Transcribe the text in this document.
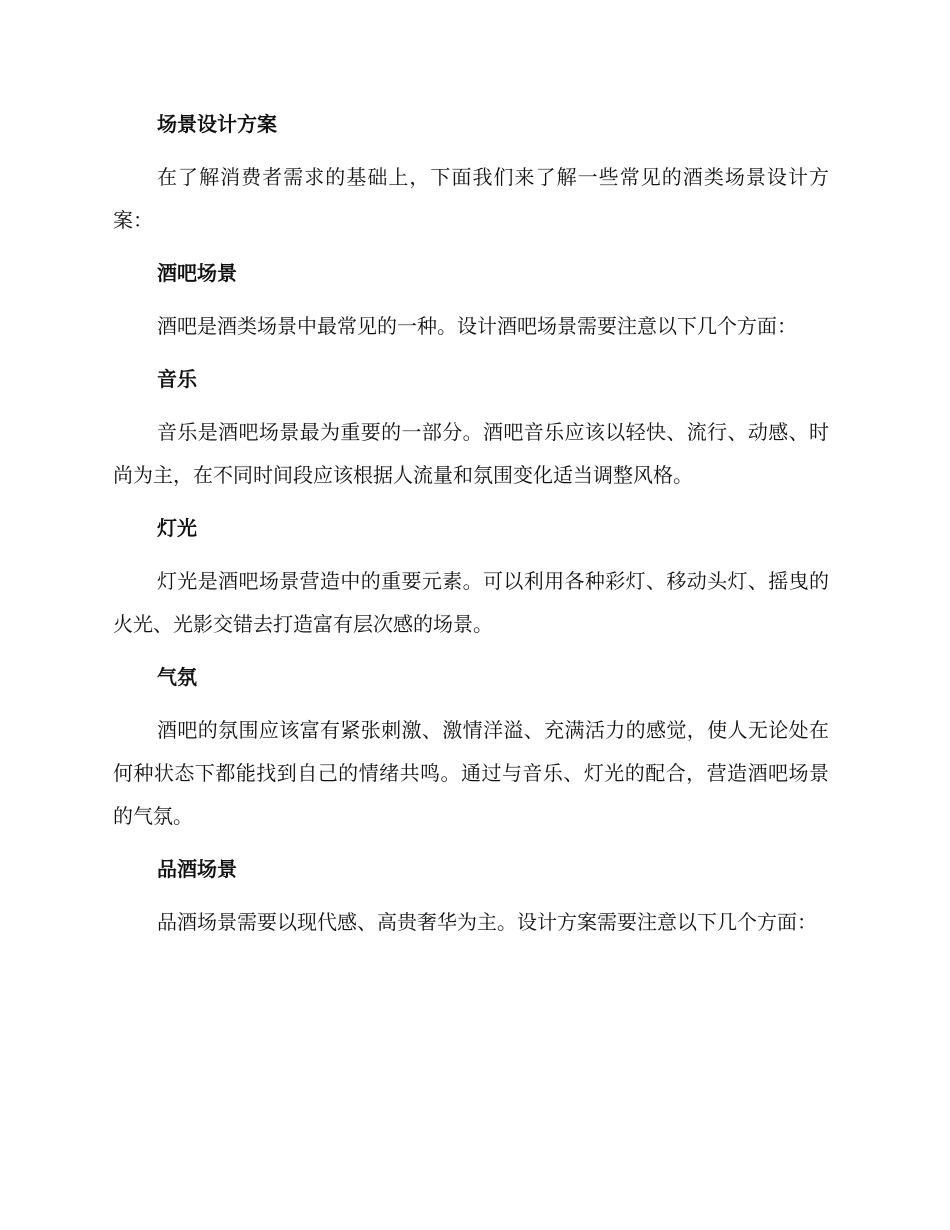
场景设计方案

在了解消费者需求的基础上，下面我们来了解一些常见的酒类场景设计方案：

酒吧场景

酒吧是酒类场景中最常见的一种。设计酒吧场景需要注意以下几个方面：

音乐

音乐是酒吧场景最为重要的一部分。酒吧音乐应该以轻快、流行、动感、时尚为主，在不同时间段应该根据人流量和氛围变化适当调整风格。

灯光

灯光是酒吧场景营造中的重要元素。可以利用各种彩灯、移动头灯、摇曳的火光、光影交错去打造富有层次感的场景。

气氛

酒吧的氛围应该富有紧张刺激、激情洋溢、充满活力的感觉，使人无论处在何种状态下都能找到自己的情绪共鸣。通过与音乐、灯光的配合，营造酒吧场景的气氛。

品酒场景

品酒场景需要以现代感、高贵奢华为主。设计方案需要注意以下几个方面：
